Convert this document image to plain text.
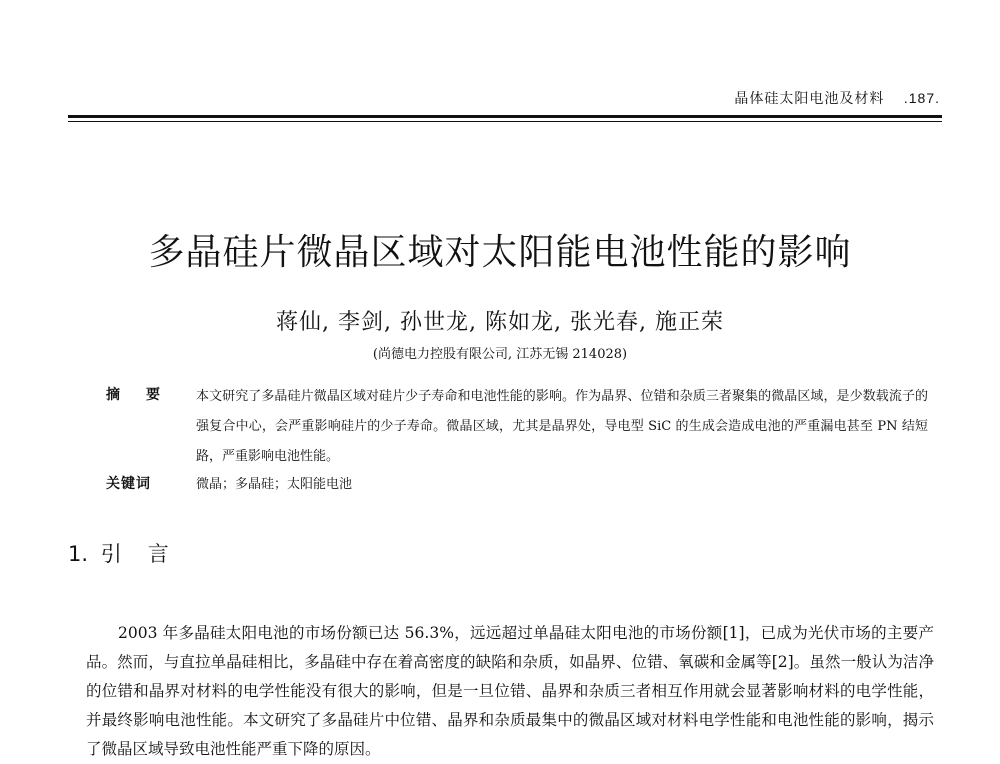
晶体硅太阳电池及材料 .187.
多晶硅片微晶区域对太阳能电池性能的影响
蒋仙, 李剑, 孙世龙, 陈如龙, 张光春, 施正荣
(尚德电力控股有限公司, 江苏无锡 214028)
摘要 本文研究了多晶硅片微晶区域对硅片少子寿命和电池性能的影响。作为晶界、位错和杂质三者聚集的微晶区域，是少数载流子的强复合中心，会严重影响硅片的少子寿命。微晶区域，尤其是晶界处，导电型 SiC 的生成会造成电池的严重漏电甚至 PN 结短路，严重影响电池性能。
关键词	微晶；多晶硅；太阳能电池
1. 引言

2003 年多晶硅太阳电池的市场份额已达 56.3%，远远超过单晶硅太阳电池的市场份额[1]，已成为光伏市场的主要产品。然而，与直拉单晶硅相比，多晶硅中存在着高密度的缺陷和杂质，如晶界、位错、氧碳和金属等[2]。虽然一般认为洁净的位错和晶界对材料的电学性能没有很大的影响，但是一旦位错、晶界和杂质三者相互作用就会显著影响材料的电学性能，并最终影响电池性能。本文研究了多晶硅片中位错、晶界和杂质最集中的微晶区域对材料电学性能和电池性能的影响，揭示了微晶区域导致电池性能严重下降的原因。
